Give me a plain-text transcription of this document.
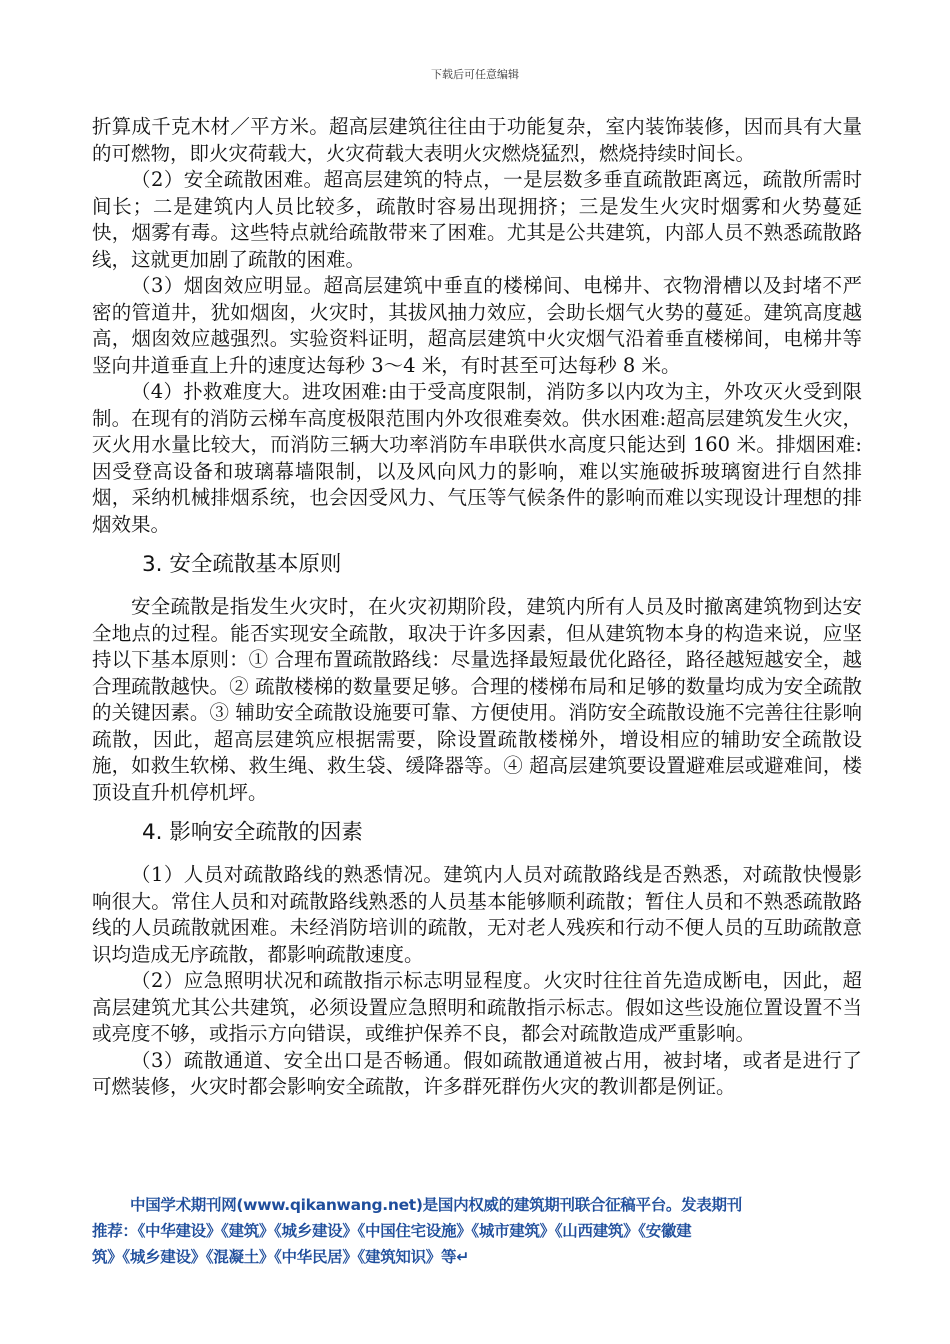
下载后可任意编辑

折算成千克木材／平方米。超高层建筑往往由于功能复杂，室内装饰装修，因而具有大量的可燃物，即火灾荷载大，火灾荷载大表明火灾燃烧猛烈，燃烧持续时间长。

（2）安全疏散困难。超高层建筑的特点，一是层数多垂直疏散距离远，疏散所需时间长；二是建筑内人员比较多，疏散时容易出现拥挤；三是发生火灾时烟雾和火势蔓延快，烟雾有毒。这些特点就给疏散带来了困难。尤其是公共建筑，内部人员不熟悉疏散路线，这就更加剧了疏散的困难。

（3）烟囱效应明显。超高层建筑中垂直的楼梯间、电梯井、衣物滑槽以及封堵不严密的管道井，犹如烟囱，火灾时，其拔风抽力效应，会助长烟气火势的蔓延。建筑高度越高，烟囱效应越强烈。实验资料证明，超高层建筑中火灾烟气沿着垂直楼梯间，电梯井等竖向井道垂直上升的速度达每秒 3～4 米，有时甚至可达每秒 8 米。

（4）扑救难度大。进攻困难:由于受高度限制，消防多以内攻为主，外攻灭火受到限制。在现有的消防云梯车高度极限范围内外攻很难奏效。供水困难:超高层建筑发生火灾，灭火用水量比较大，而消防三辆大功率消防车串联供水高度只能达到 160 米。排烟困难:因受登高设备和玻璃幕墙限制，以及风向风力的影响，难以实施破拆玻璃窗进行自然排烟，采纳机械排烟系统，也会因受风力、气压等气候条件的影响而难以实现设计理想的排烟效果。

3. 安全疏散基本原则

安全疏散是指发生火灾时，在火灾初期阶段，建筑内所有人员及时撤离建筑物到达安全地点的过程。能否实现安全疏散，取决于许多因素，但从建筑物本身的构造来说，应坚持以下基本原则：① 合理布置疏散路线：尽量选择最短最优化路径，路径越短越安全，越合理疏散越快。② 疏散楼梯的数量要足够。合理的楼梯布局和足够的数量均成为安全疏散的关键因素。③ 辅助安全疏散设施要可靠、方便使用。消防安全疏散设施不完善往往影响疏散，因此，超高层建筑应根据需要，除设置疏散楼梯外，增设相应的辅助安全疏散设施，如救生软梯、救生绳、救生袋、缓降器等。④ 超高层建筑要设置避难层或避难间，楼顶设直升机停机坪。

4. 影响安全疏散的因素

（1）人员对疏散路线的熟悉情况。建筑内人员对疏散路线是否熟悉，对疏散快慢影响很大。常住人员和对疏散路线熟悉的人员基本能够顺利疏散；暂住人员和不熟悉疏散路线的人员疏散就困难。未经消防培训的疏散，无对老人残疾和行动不便人员的互助疏散意识均造成无序疏散，都影响疏散速度。

（2）应急照明状况和疏散指示标志明显程度。火灾时往往首先造成断电，因此，超高层建筑尤其公共建筑，必须设置应急照明和疏散指示标志。假如这些设施位置设置不当或亮度不够，或指示方向错误，或维护保养不良，都会对疏散造成严重影响。

（3）疏散通道、安全出口是否畅通。假如疏散通道被占用，被封堵，或者是进行了可燃装修，火灾时都会影响安全疏散，许多群死群伤火灾的教训都是例证。

中国学术期刊网(www.qikanwang.net)是国内权威的建筑期刊联合征稿平台。发表期刊

推荐：《中华建设》《建筑》《城乡建设》《中国住宅设施》《城市建筑》《山西建筑》《安徽建

筑》《城乡建设》《混凝土》《中华民居》《建筑知识》等↵
